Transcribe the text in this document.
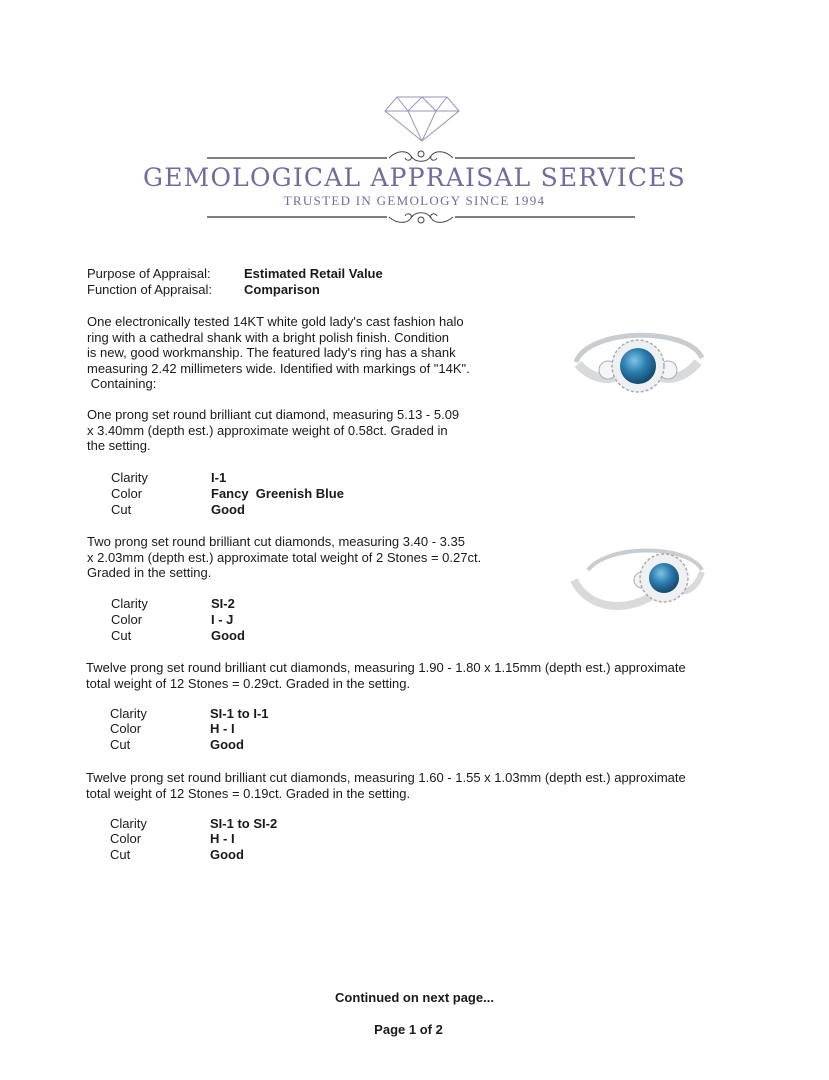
GEMOLOGICAL APPRAISAL SERVICES
TRUSTED IN GEMOLOGY SINCE 1994
Purpose of Appraisal:	Estimated Retail Value
Function of Appraisal: Comparison
One electronically tested 14KT white gold lady's cast fashion halo
ring with a cathedral shank with a bright polish finish. Condition
is new, good workmanship. The featured lady's ring has a shank
measuring 2.42 millimeters wide. Identified with markings of "14K".
Containing:
One prong set round brilliant cut diamond, measuring 5.13 - 5.09
x 3.40mm (depth est.) approximate weight of 0.58ct. Graded in
the setting.
Clarity	I-1
Color	Fancy  Greenish Blue
Cut	Good
Two prong set round brilliant cut diamonds, measuring 3.40 - 3.35
x 2.03mm (depth est.) approximate total weight of 2 Stones = 0.27ct.
Graded in the setting.
Clarity	SI-2
Color	I - J
Cut	Good
Twelve prong set round brilliant cut diamonds, measuring 1.90 - 1.80 x 1.15mm (depth est.) approximate
total weight of 12 Stones = 0.29ct. Graded in the setting.
Clarity	SI-1 to I-1
Color	H - I
Cut	Good
Twelve prong set round brilliant cut diamonds, measuring 1.60 - 1.55 x 1.03mm (depth est.) approximate
total weight of 12 Stones = 0.19ct. Graded in the setting.
Clarity	SI-1 to SI-2
Color	H - I
Cut	Good
Continued on next page...
Page 1 of 2
